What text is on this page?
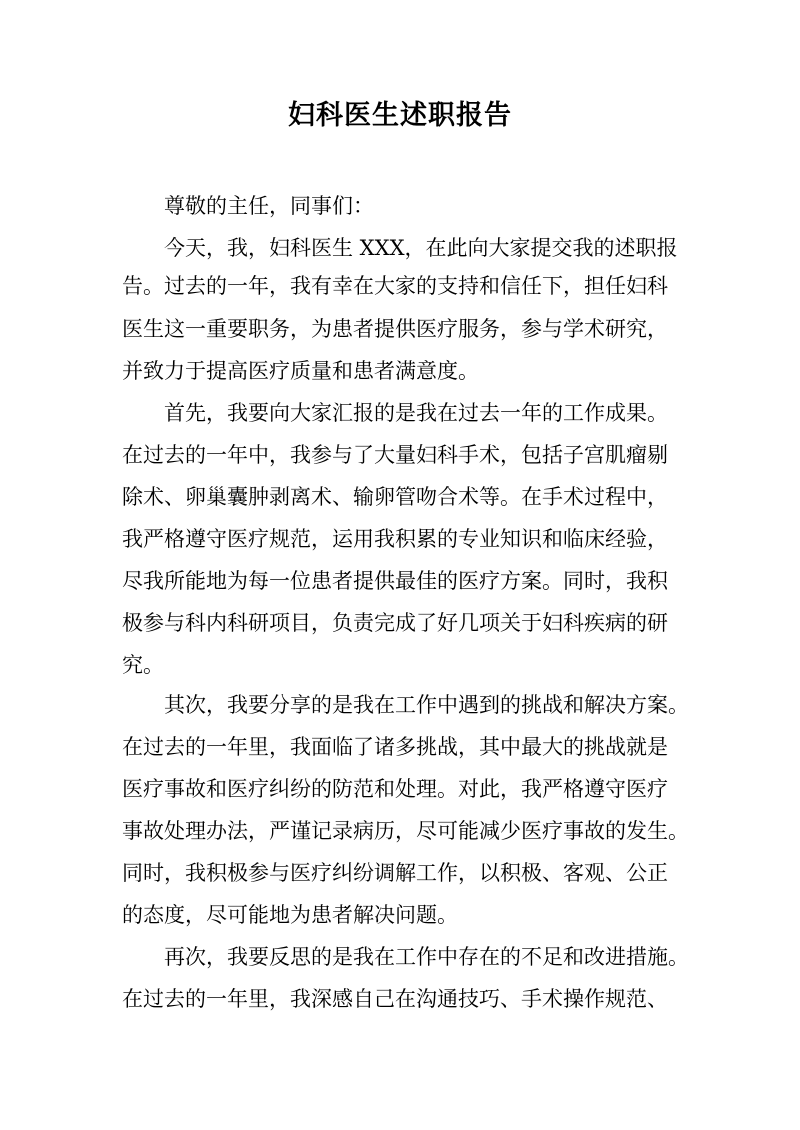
妇科医生述职报告
尊敬的主任，同事们：
今天，我，妇科医生 XXX，在此向大家提交我的述职报
告。过去的一年，我有幸在大家的支持和信任下，担任妇科
医生这一重要职务，为患者提供医疗服务，参与学术研究，
并致力于提高医疗质量和患者满意度。
首先，我要向大家汇报的是我在过去一年的工作成果。
在过去的一年中，我参与了大量妇科手术，包括子宫肌瘤剔
除术、卵巢囊肿剥离术、输卵管吻合术等。在手术过程中，
我严格遵守医疗规范，运用我积累的专业知识和临床经验，
尽我所能地为每一位患者提供最佳的医疗方案。同时，我积
极参与科内科研项目，负责完成了好几项关于妇科疾病的研
究。
其次，我要分享的是我在工作中遇到的挑战和解决方案。
在过去的一年里，我面临了诸多挑战，其中最大的挑战就是
医疗事故和医疗纠纷的防范和处理。对此，我严格遵守医疗
事故处理办法，严谨记录病历，尽可能减少医疗事故的发生。
同时，我积极参与医疗纠纷调解工作，以积极、客观、公正
的态度，尽可能地为患者解决问题。
再次，我要反思的是我在工作中存在的不足和改进措施。
在过去的一年里，我深感自己在沟通技巧、手术操作规范、
